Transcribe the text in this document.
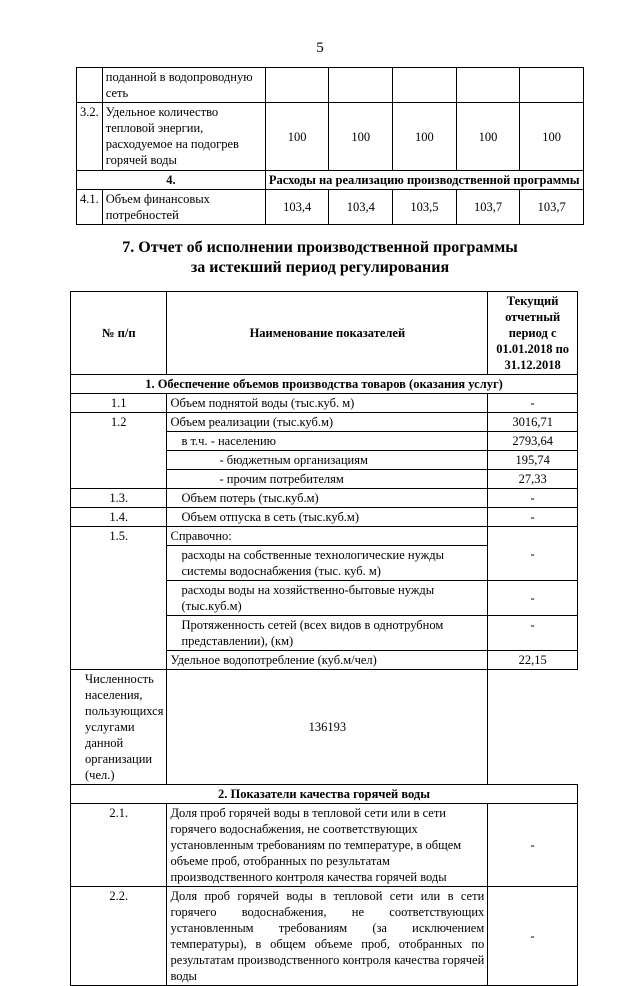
5
	поданной в водопроводную сеть					
3.2.	Удельное количество тепловой энергии, расходуемое на подогрев горячей воды	100	100	100	100	100
4.		Расходы на реализацию производственной программы				
4.1.	Объем финансовых потребностей	103,4	103,4	103,5	103,7	103,7
7. Отчет об исполнении производственной программы
за истекший период регулирования
№ п/п	Наименование показателей	Текущий отчетный период с 01.01.2018 по 31.12.2018
1. Обеспечение объемов производства товаров (оказания услуг)		
1.1	Объем поднятой воды (тыс.куб. м)	-
1.2	Объем реализации (тыс.куб.м)	3016,71
	в т.ч. - населению	2793,64
	- бюджетным организациям	195,74
	- прочим потребителям	27,33
1.3.	Объем потерь (тыс.куб.м)	-
1.4.	Объем отпуска в сеть (тыс.куб.м)	-
1.5.	Справочно:	-
	расходы на собственные технологические нужды системы водоснабжения (тыс. куб. м)	
	расходы воды на хозяйственно-бытовые нужды (тыс.куб.м)	-
	Протяженность сетей (всех видов в однотрубном представлении), (км)	-
	Удельное водопотребление (куб.м/чел)	22,15
Численность населения, пользующихся услугами данной организации (чел.)	136193	
2. Показатели качества горячей воды		
2.1.	Доля проб горячей воды в тепловой сети или в сети горячего водоснабжения, не соответствующих установленным требованиям по температуре, в общем объеме проб, отобранных по результатам производственного контроля качества горячей воды	-
2.2.	Доля проб горячей воды в тепловой сети или в сети горячего водоснабжения, не соответствующих установленным требованиям (за исключением температуры), в общем объеме проб, отобранных по результатам производственного контроля качества горячей воды	-
